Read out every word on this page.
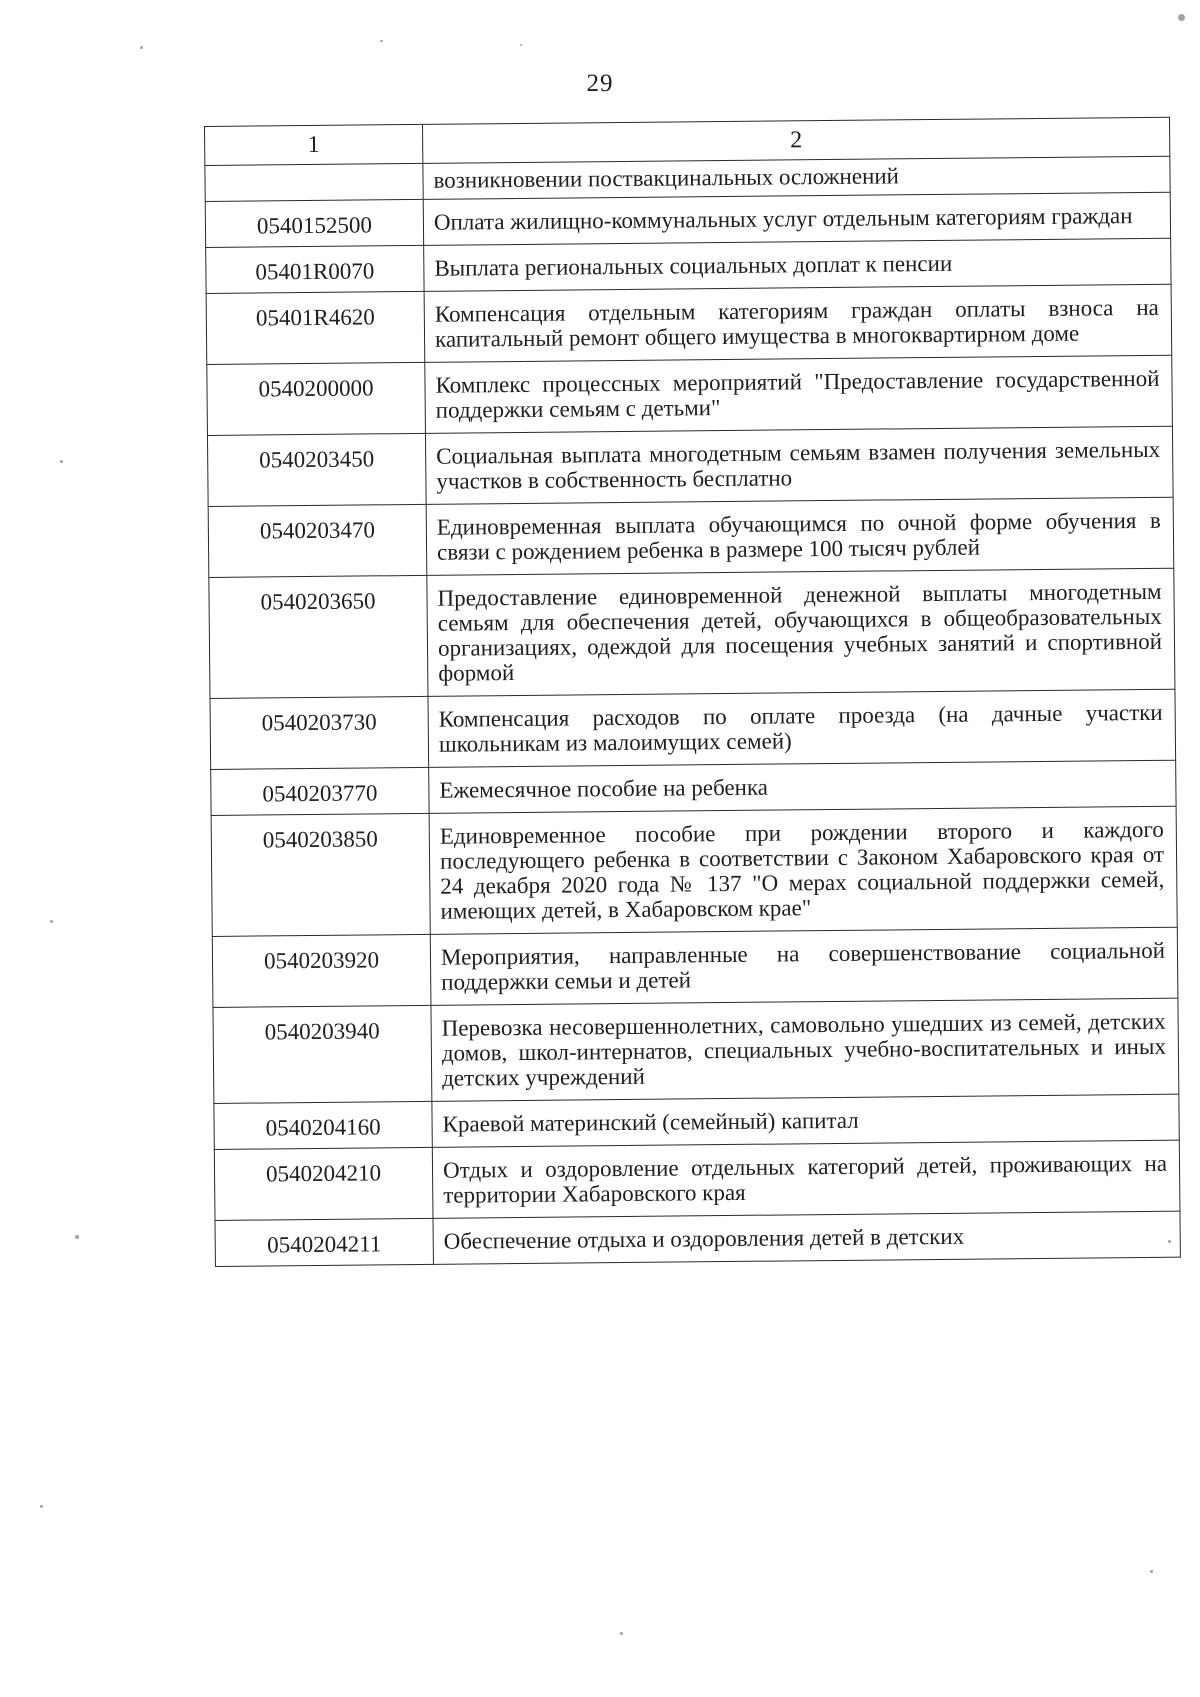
29
1	2
	возникновении поствакцинальных осложнений
0540152500	Оплата жилищно-коммунальных услуг отдельным категориям граждан
05401R0070	Выплата региональных социальных доплат к пенсии
05401R4620	Компенсация отдельным категориям граждан оплаты взноса на капитальный ремонт общего имущества в многоквартирном доме
0540200000	Комплекс процессных мероприятий "Предоставление государственной поддержки семьям с детьми"
0540203450	Социальная выплата многодетным семьям взамен получения земельных участков в собственность бесплатно
0540203470	Единовременная выплата обучающимся по очной форме обучения в связи с рождением ребенка в размере 100 тысяч рублей
0540203650	Предоставление единовременной денежной выплаты многодетным семьям для обеспечения детей, обучающихся в общеобразовательных организациях, одеждой для посещения учебных занятий и спортивной формой
0540203730	Компенсация расходов по оплате проезда (на дачные участки школьникам из малоимущих семей)
0540203770	Ежемесячное пособие на ребенка
0540203850	Единовременное пособие при рождении второго и каждого последующего ребенка в соответствии с Законом Хабаровского края от 24 декабря 2020 года № 137 "О мерах социальной поддержки семей, имеющих детей, в Хабаровском крае"
0540203920	Мероприятия, направленные на совершенствование социальной поддержки семьи и детей
0540203940	Перевозка несовершеннолетних, самовольно ушедших из семей, детских домов, школ-интернатов, специальных учебно-воспитательных и иных детских учреждений
0540204160	Краевой материнский (семейный) капитал
0540204210	Отдых и оздоровление отдельных категорий детей, проживающих на территории Хабаровского края
0540204211	Обеспечение отдыха и оздоровления детей в детских
